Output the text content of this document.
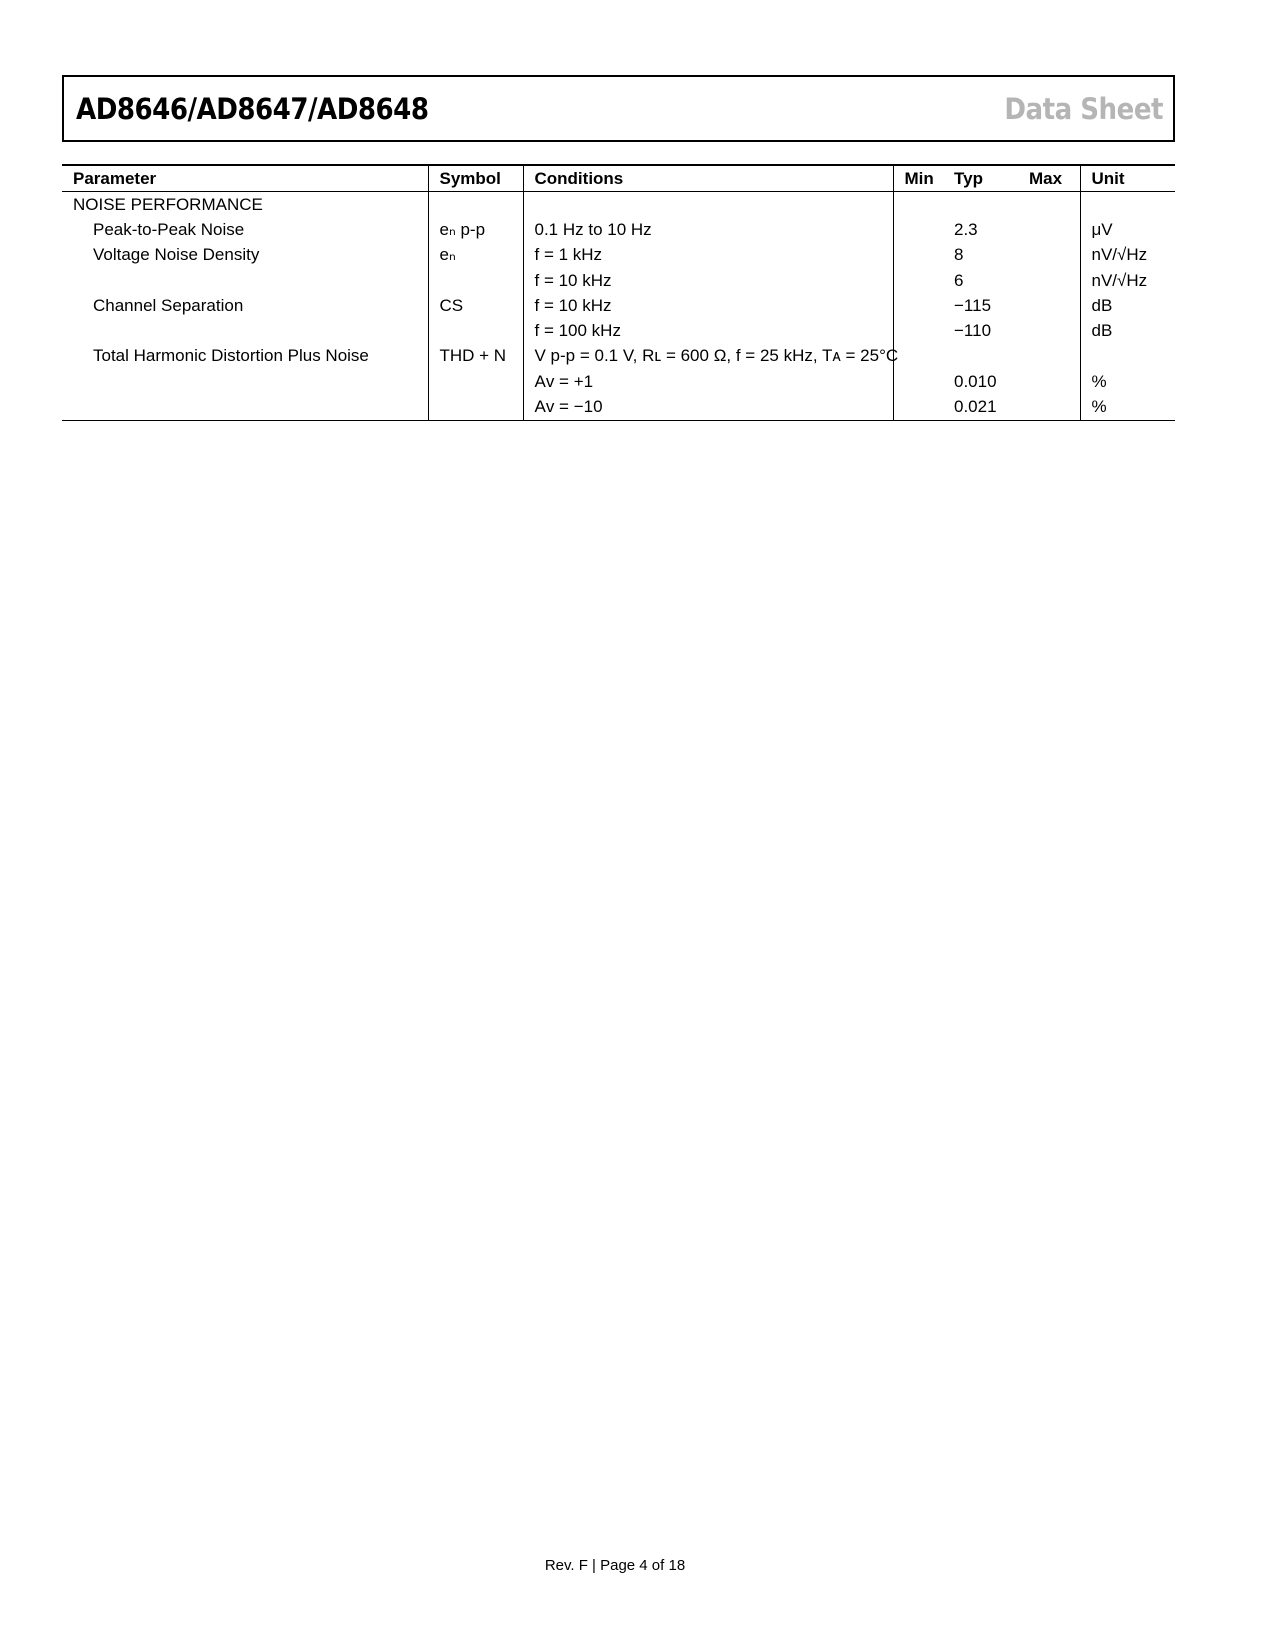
AD8646/AD8647/AD8648	Data Sheet
Parameter	Symbol	Conditions	Min	Typ	Max	Unit
NOISE PERFORMANCE						
Peak-to-Peak Noise	eₙ p-p	0.1 Hz to 10 Hz		2.3		μV
Voltage Noise Density	eₙ	f = 1 kHz		8		nV/√Hz
		f = 10 kHz		6		nV/√Hz
Channel Separation	CS	f = 10 kHz		−115		dB
		f = 100 kHz		−110		dB
Total Harmonic Distortion Plus Noise	THD + N	V p-p = 0.1 V, Rʟ = 600 Ω, f = 25 kHz, Tᴀ = 25°C				
		Aᴠ = +1		0.010		%
		Aᴠ = −10		0.021		%
Rev. F | Page 4 of 18
